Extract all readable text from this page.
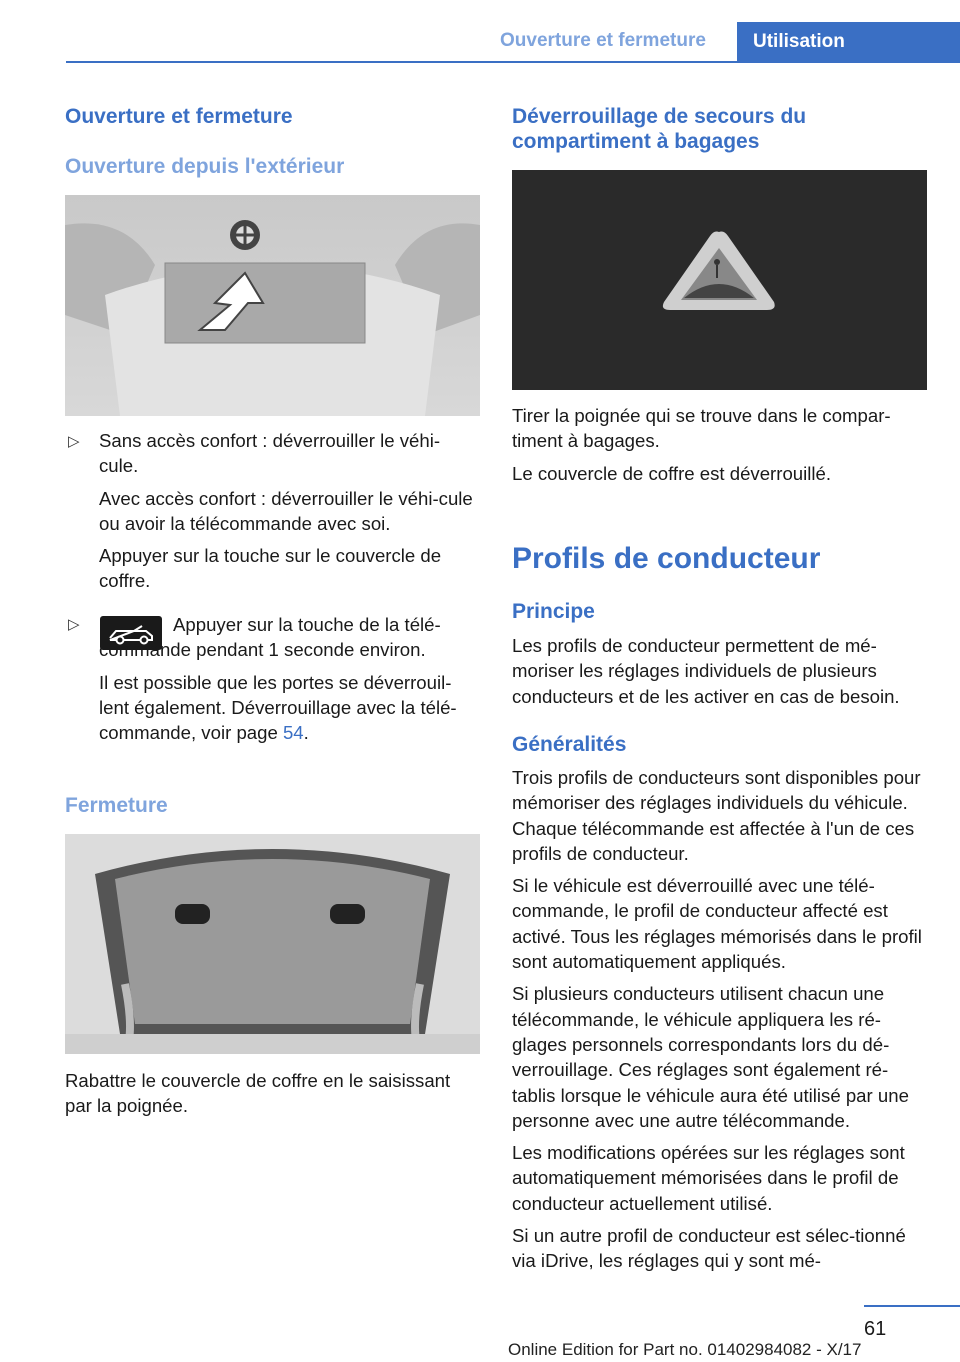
Ouverture et fermeture	Utilisation
Ouverture et fermeture
Ouverture depuis l'extérieur
▷ Sans accès confort : déverrouiller le véhi-cule.

Avec accès confort : déverrouiller le véhi-cule ou avoir la télécommande avec soi.

Appuyer sur la touche sur le couvercle de coffre.

▷	Appuyer sur la touche de la télé-commande pendant 1 seconde environ.

Il est possible que les portes se déverrouil-lent également. Déverrouillage avec la télé-commande, voir page 54.

Fermeture
Rabattre le couvercle de coffre en le saisissant par la poignée.
Déverrouillage de secours du compartiment à bagages

Tirer la poignée qui se trouve dans le compar-timent à bagages.

Le couvercle de coffre est déverrouillé.

Profils de conducteur
Principe
Les profils de conducteur permettent de mé-moriser les réglages individuels de plusieurs conducteurs et de les activer en cas de besoin.
Généralités

Trois profils de conducteurs sont disponibles pour mémoriser des réglages individuels du véhicule. Chaque télécommande est affectée à l'un de ces profils de conducteur.

Si le véhicule est déverrouillé avec une télé-commande, le profil de conducteur affecté est activé. Tous les réglages mémorisés dans le profil sont automatiquement appliqués.

Si plusieurs conducteurs utilisent chacun une télécommande, le véhicule appliquera les ré-glages personnels correspondants lors du dé-verrouillage. Ces réglages sont également ré-tablis lorsque le véhicule aura été utilisé par une personne avec une autre télécommande.

Les modifications opérées sur les réglages sont automatiquement mémorisées dans le profil de conducteur actuellement utilisé.

Si un autre profil de conducteur est sélec-tionné via iDrive, les réglages qui y sont mé-

61
Online Edition for Part no. 01402984082 - X/17
